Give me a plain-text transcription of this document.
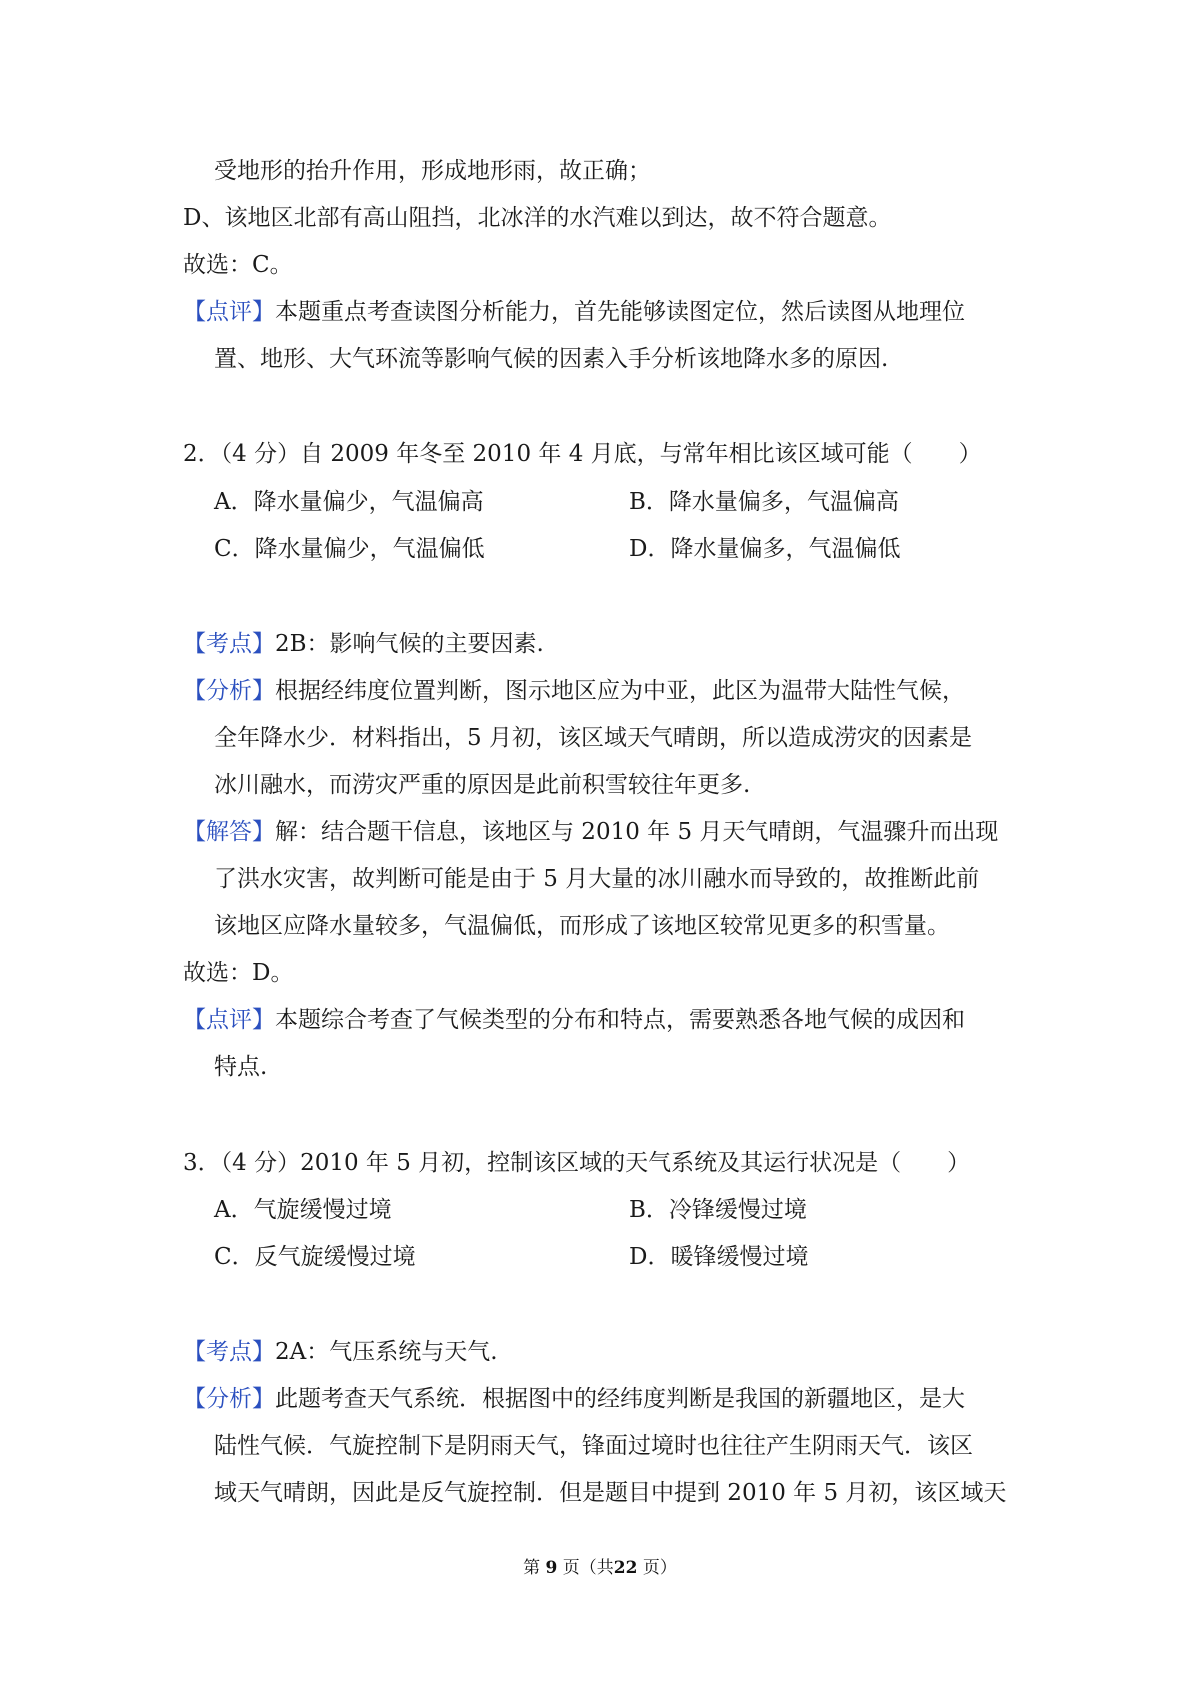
受地形的抬升作用，形成地形雨，故正确；
D、该地区北部有高山阻挡，北冰洋的水汽难以到达，故不符合题意。
故选：C。
【点评】本题重点考查读图分析能力，首先能够读图定位，然后读图从地理位
置、地形、大气环流等影响气候的因素入手分析该地降水多的原因.
2．（4 分）自 2009 年冬至 2010 年 4 月底，与常年相比该区域可能（　　）
A．降水量偏少，气温偏高	B．降水量偏多，气温偏高
C．降水量偏少，气温偏低	D．降水量偏多，气温偏低
【考点】2B：影响气候的主要因素.
【分析】根据经纬度位置判断，图示地区应为中亚，此区为温带大陆性气候，
全年降水少．材料指出，5 月初，该区域天气晴朗，所以造成涝灾的因素是
冰川融水，而涝灾严重的原因是此前积雪较往年更多.
【解答】解：结合题干信息，该地区与 2010 年 5 月天气晴朗，气温骤升而出现
了洪水灾害，故判断可能是由于 5 月大量的冰川融水而导致的，故推断此前
该地区应降水量较多，气温偏低，而形成了该地区较常见更多的积雪量。
故选：D。
【点评】本题综合考查了气候类型的分布和特点，需要熟悉各地气候的成因和
特点.
3．（4 分）2010 年 5 月初，控制该区域的天气系统及其运行状况是（　　）
A．气旋缓慢过境	B．冷锋缓慢过境
C．反气旋缓慢过境	D．暖锋缓慢过境
【考点】2A：气压系统与天气.
【分析】此题考查天气系统．根据图中的经纬度判断是我国的新疆地区，是大
陆性气候．气旋控制下是阴雨天气，锋面过境时也往往产生阴雨天气．该区
域天气晴朗，因此是反气旋控制．但是题目中提到 2010 年 5 月初，该区域天
第 9 页（共22 页）
